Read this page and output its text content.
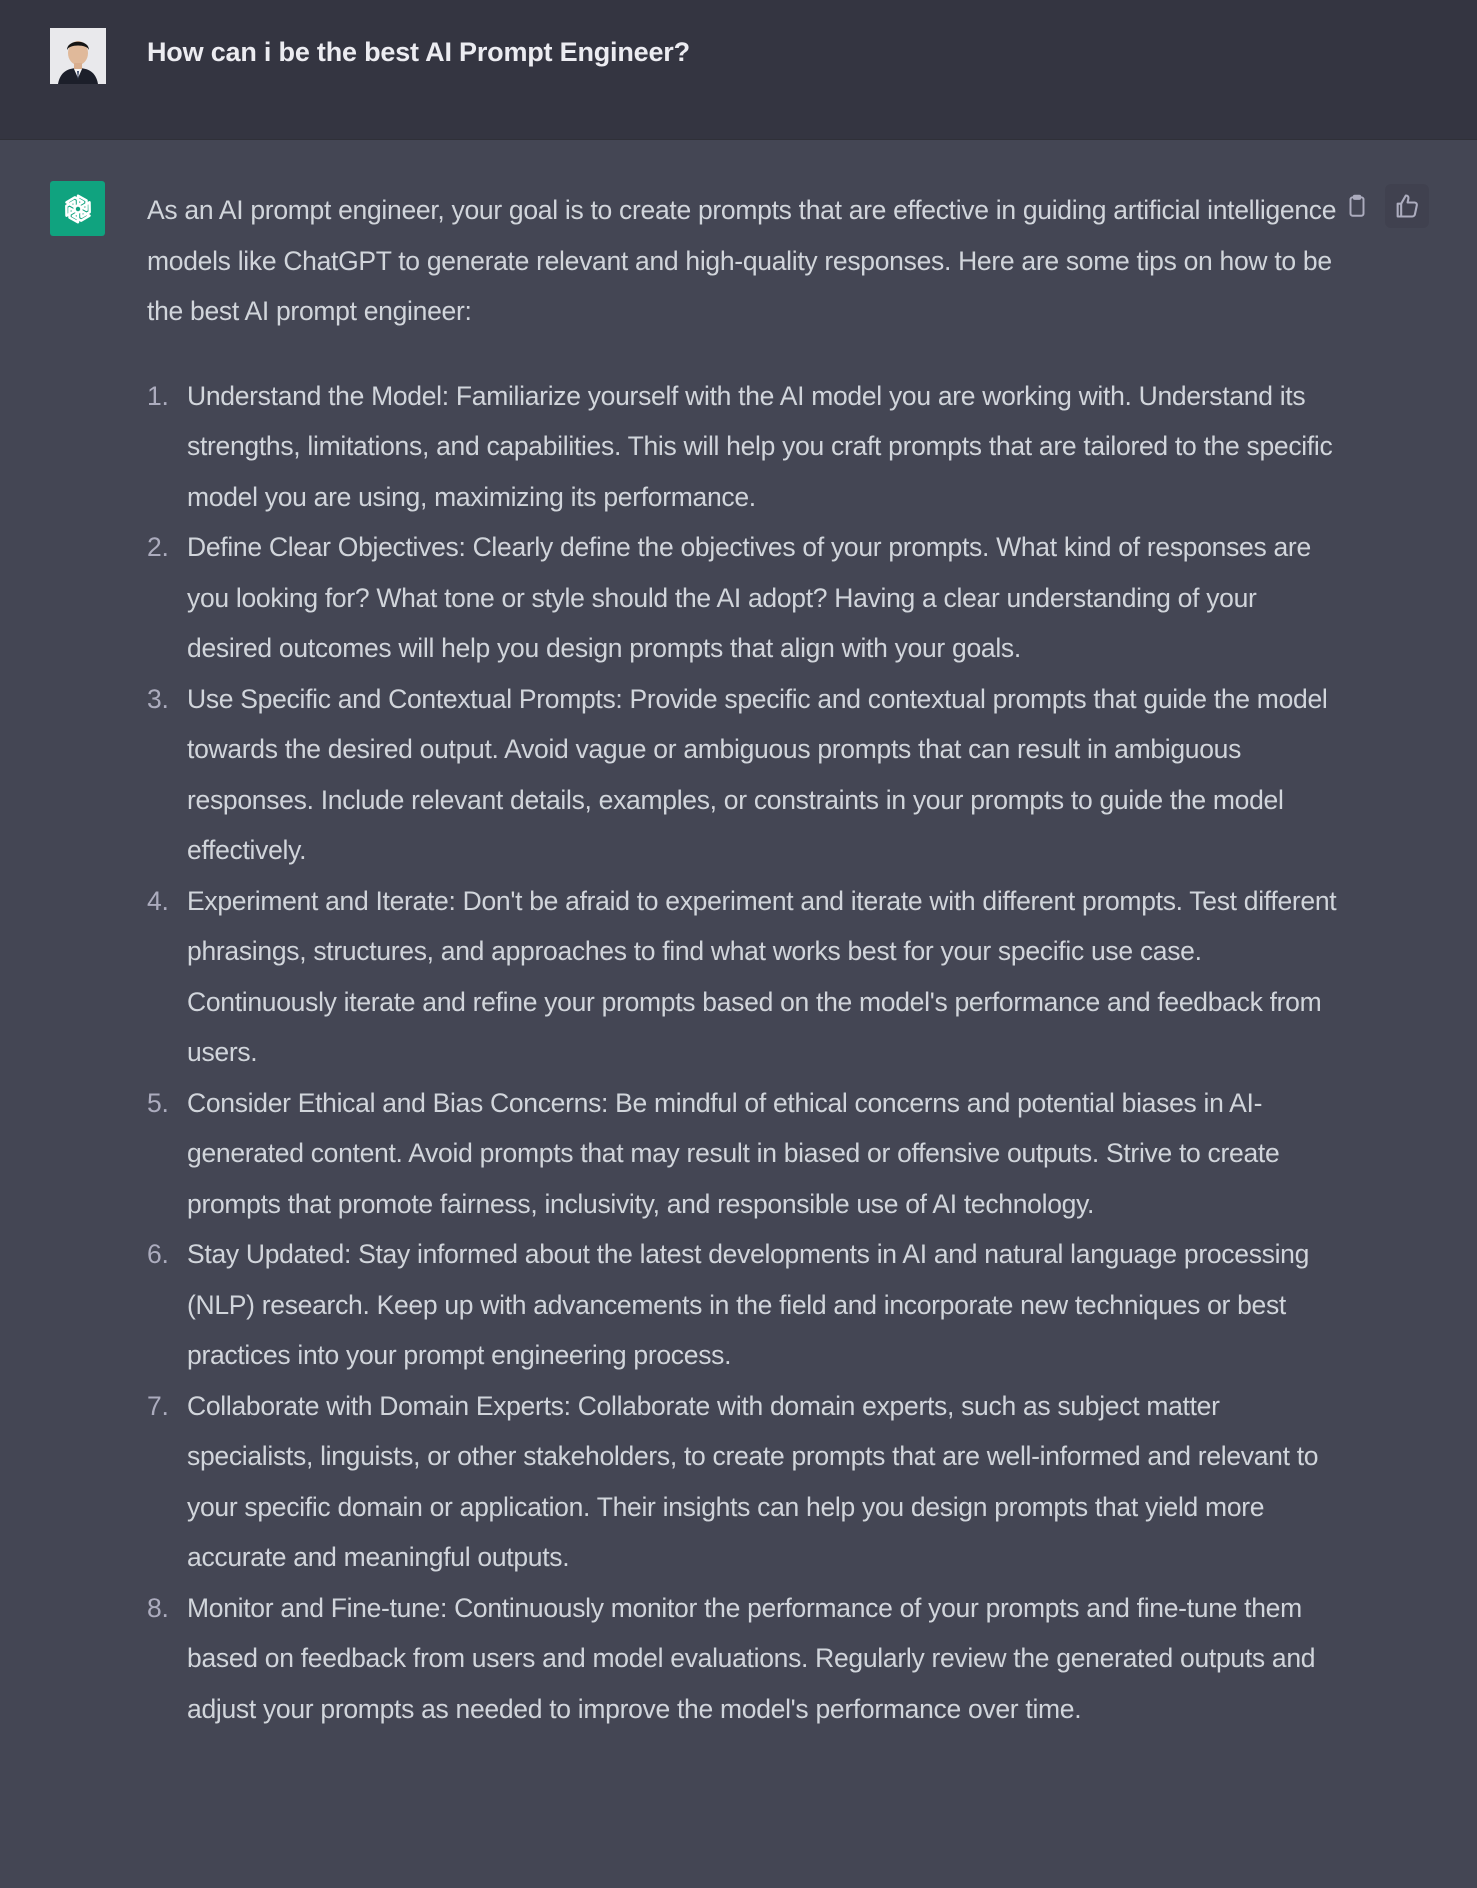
How can i be the best AI Prompt Engineer?

As an AI prompt engineer, your goal is to create prompts that are effective in guiding artificial intelligence models like ChatGPT to generate relevant and high-quality responses. Here are some tips on how to be the best AI prompt engineer:

1. Understand the Model: Familiarize yourself with the AI model you are working with. Understand its strengths, limitations, and capabilities. This will help you craft prompts that are tailored to the specific model you are using, maximizing its performance.
2. Define Clear Objectives: Clearly define the objectives of your prompts. What kind of responses are you looking for? What tone or style should the AI adopt? Having a clear understanding of your desired outcomes will help you design prompts that align with your goals.
3. Use Specific and Contextual Prompts: Provide specific and contextual prompts that guide the model towards the desired output. Avoid vague or ambiguous prompts that can result in ambiguous responses. Include relevant details, examples, or constraints in your prompts to guide the model effectively.
4. Experiment and Iterate: Don't be afraid to experiment and iterate with different prompts. Test different phrasings, structures, and approaches to find what works best for your specific use case. Continuously iterate and refine your prompts based on the model's performance and feedback from users.
5. Consider Ethical and Bias Concerns: Be mindful of ethical concerns and potential biases in AI-generated content. Avoid prompts that may result in biased or offensive outputs. Strive to create prompts that promote fairness, inclusivity, and responsible use of AI technology.
6. Stay Updated: Stay informed about the latest developments in AI and natural language processing (NLP) research. Keep up with advancements in the field and incorporate new techniques or best practices into your prompt engineering process.
7. Collaborate with Domain Experts: Collaborate with domain experts, such as subject matter specialists, linguists, or other stakeholders, to create prompts that are well-informed and relevant to your specific domain or application. Their insights can help you design prompts that yield more accurate and meaningful outputs.
8. Monitor and Fine-tune: Continuously monitor the performance of your prompts and fine-tune them based on feedback from users and model evaluations. Regularly review the generated outputs and adjust your prompts as needed to improve the model's performance over time.
